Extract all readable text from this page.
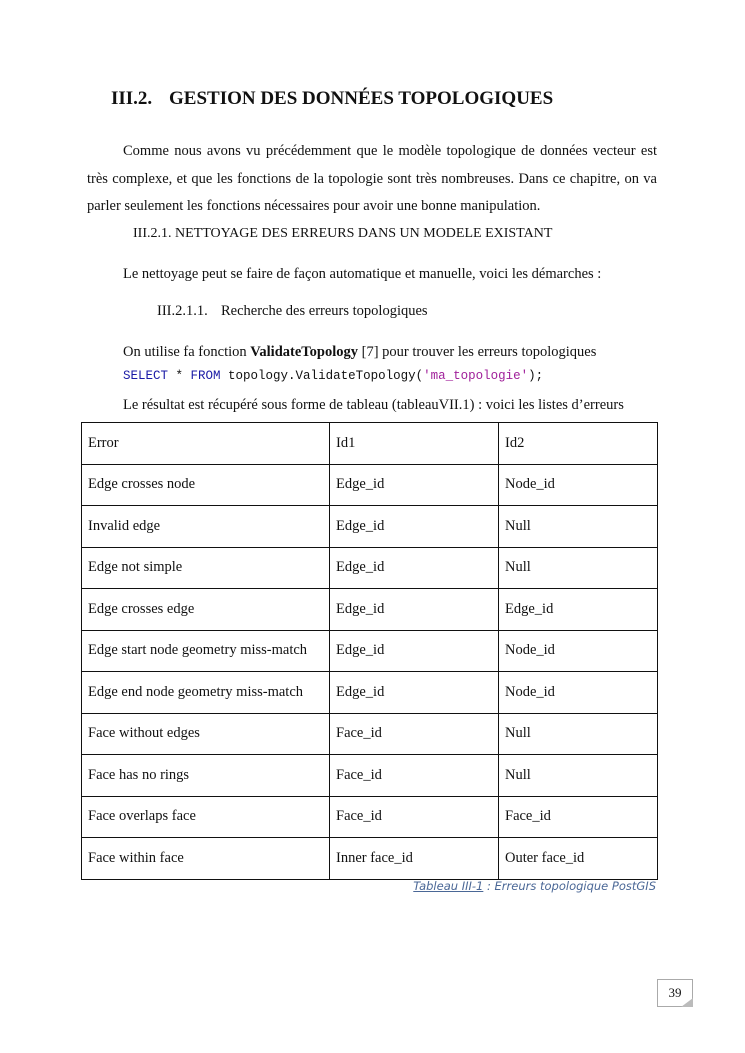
III.2. GESTION DES DONNÉES TOPOLOGIQUES
Comme nous avons vu précédemment que le modèle topologique de données vecteur est très complexe, et que les fonctions de la topologie sont très nombreuses. Dans ce chapitre, on va parler seulement les fonctions nécessaires pour avoir une bonne manipulation.
III.2.1. NETTOYAGE DES ERREURS DANS UN MODELE EXISTANT
Le nettoyage peut se faire de façon automatique et manuelle, voici les démarches :
III.2.1.1. Recherche des erreurs topologiques
On utilise fa fonction ValidateTopology [7] pour trouver les erreurs topologiques
SELECT * FROM topology.ValidateTopology('ma_topologie');
Le résultat est récupéré sous forme de tableau (tableauVII.1) : voici les listes d’erreurs
Error	Id1	Id2
Edge crosses node	Edge_id	Node_id
Invalid edge	Edge_id	Null
Edge not simple	Edge_id	Null
Edge crosses edge	Edge_id	Edge_id
Edge start node geometry miss-match	Edge_id	Node_id
Edge end node geometry miss-match	Edge_id	Node_id
Face without edges	Face_id	Null
Face has no rings	Face_id	Null
Face overlaps face	Face_id	Face_id
Face within face	Inner face_id	Outer face_id
Tableau III-1 : Erreurs topologique PostGIS
39
